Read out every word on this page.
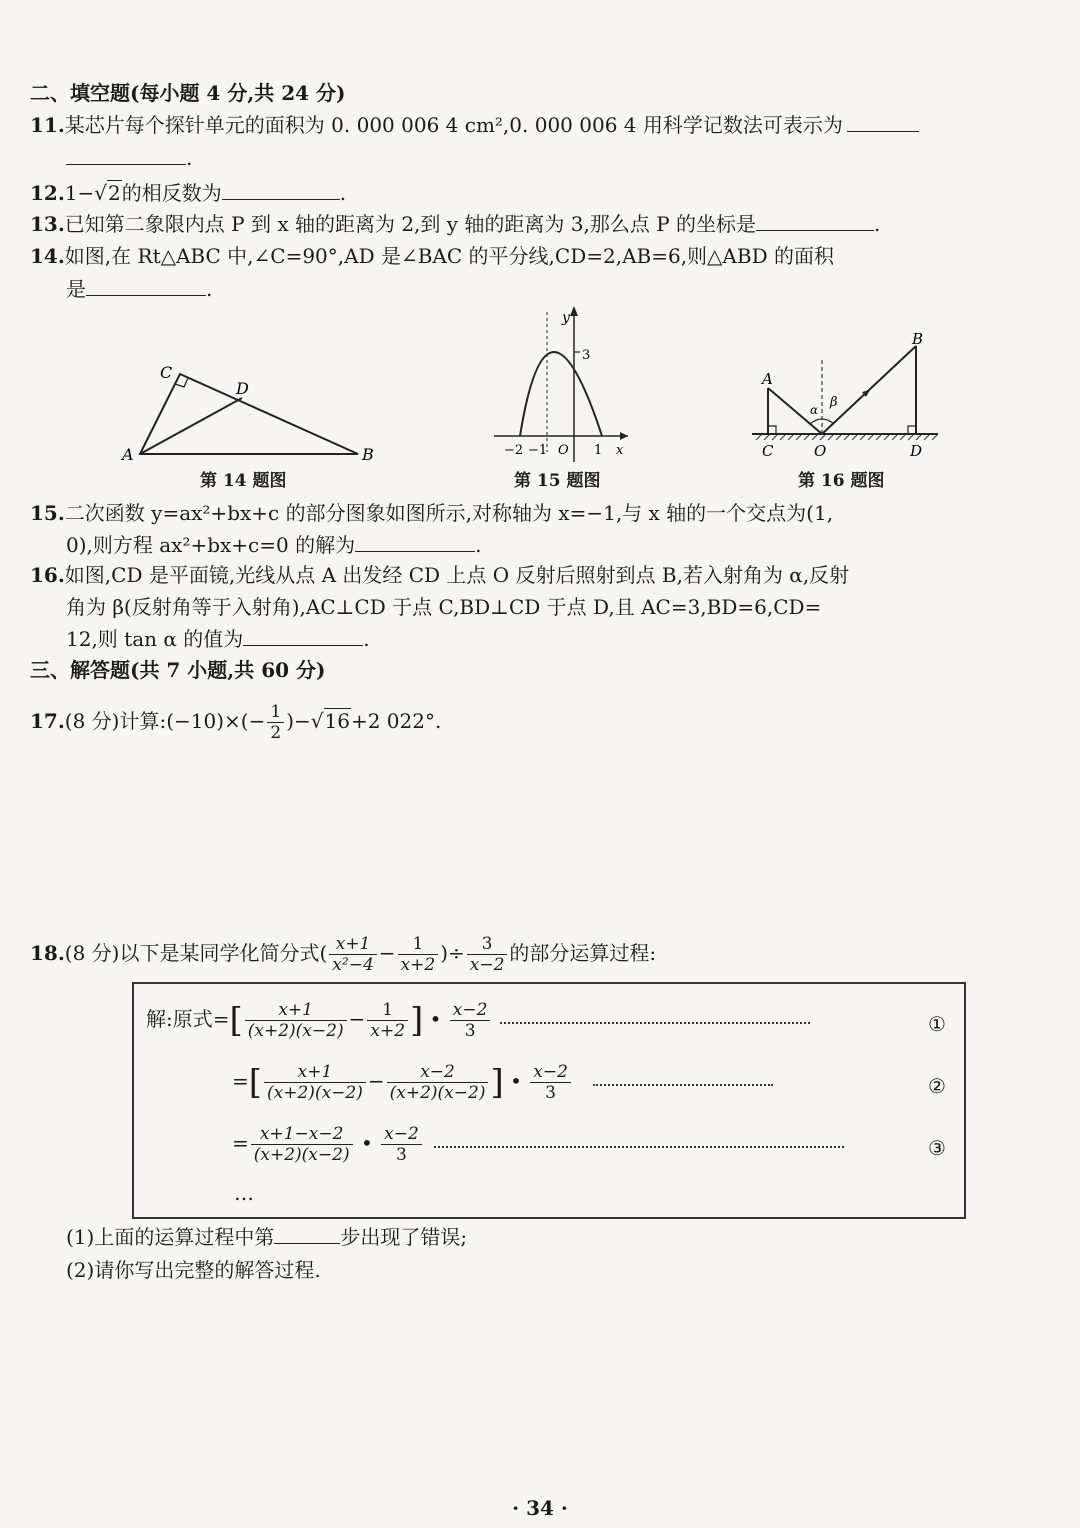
二、填空题(每小题 4 分,共 24 分)
11.某芯片每个探针单元的面积为 0. 000 006 4 cm²,0. 000 006 4 用科学记数法可表示为
.
12.1−√2的相反数为	.
13.已知第二象限内点 P 到 x 轴的距离为 2,到 y 轴的距离为 3,那么点 P 的坐标是	.
14.如图,在 Rt△ABC 中,∠C=90°,AD 是∠BAC 的平分线,CD=2,AB=6,则△ABD 的面积
是	.
C
D
A	B
第 14 题图
y
3
−2 −1 O 1 x
第 15 题图
A
B
C	O	D
α β
第 16 题图
15.二次函数 y=ax²+bx+c 的部分图象如图所示,对称轴为 x=−1,与 x 轴的一个交点为(1,
0),则方程 ax²+bx+c=0 的解为	.
16.如图,CD 是平面镜,光线从点 A 出发经 CD 上点 O 反射后照射到点 B,若入射角为 α,反射
角为 β(反射角等于入射角),AC⊥CD 于点 C,BD⊥CD 于点 D,且 AC=3,BD=6,CD=
12,则 tan α 的值为	.
三、解答题(共 7 小题,共 60 分)
17.(8 分)计算:(−10)×(− $\frac{1}{2} )-√16+2$ 022°.
18.(8 分)以下是某同学化简分式( $\frac{x+1}{\text{x²−4}} - \frac{1}{x+2}$ )÷ $\frac{3}{x-2}$ 的部分运算过程:
解:原式=[ $\frac{x+1}{(x+2)(x-2)} - \frac{1}{x+2}$ ] • $\frac{x-2}{3}$	①
=[ $\frac{x+1}{(x+2)(x-2)} - \frac{x-2}{(x+2)(x-2)}$ ] • $\frac{x-2}{3}$	②
= $\frac{x+1-x-2}{(x+2)(x-2)}$ • $\frac{x-2}{3}$	③
…
(1)上面的运算过程中第	步出现了错误;
(2)请你写出完整的解答过程.
· 34 ·
